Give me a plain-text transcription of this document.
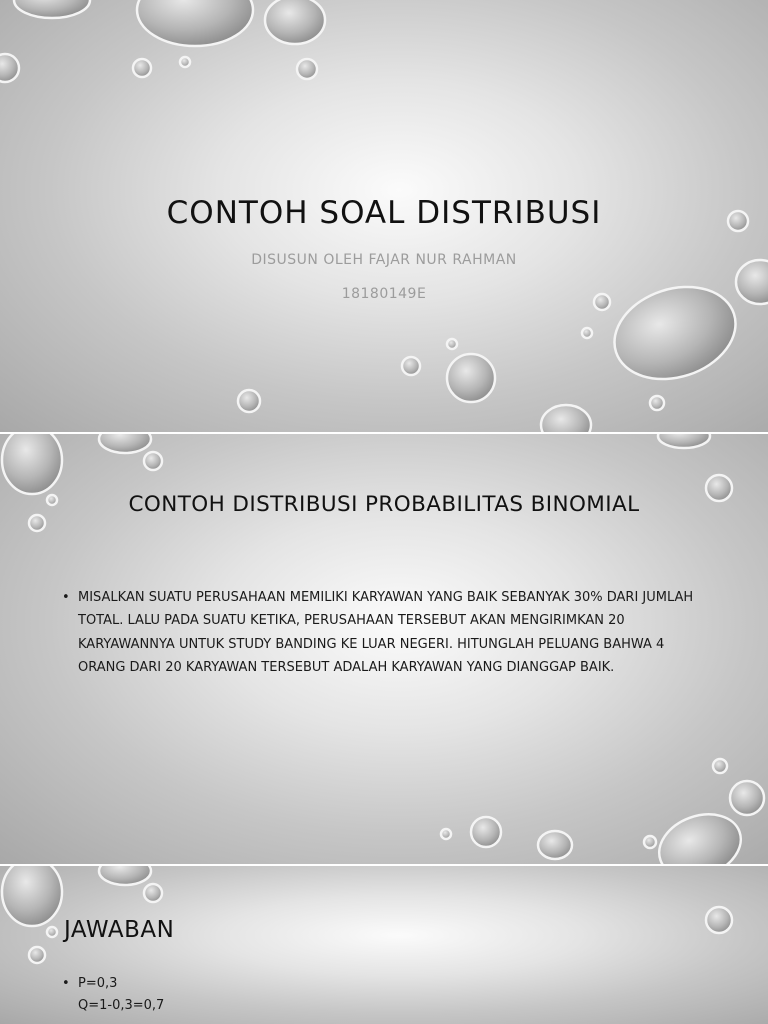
CONTOH SOAL DISTRIBUSI
DISUSUN OLEH FAJAR NUR RAHMAN
18180149E
CONTOH DISTRIBUSI PROBABILITAS BINOMIAL
• MISALKAN SUATU PERUSAHAAN MEMILIKI KARYAWAN YANG BAIK SEBANYAK 30% DARI JUMLAH TOTAL. LALU PADA SUATU KETIKA, PERUSAHAAN TERSEBUT AKAN MENGIRIMKAN 20 KARYAWANNYA UNTUK STUDY BANDING KE LUAR NEGERI. HITUNGLAH PELUANG BAHWA 4 ORANG DARI 20 KARYAWAN TERSEBUT ADALAH KARYAWAN YANG DIANGGAP BAIK.
JAWABAN
• P=0,3
Q=1-0,3=0,7
